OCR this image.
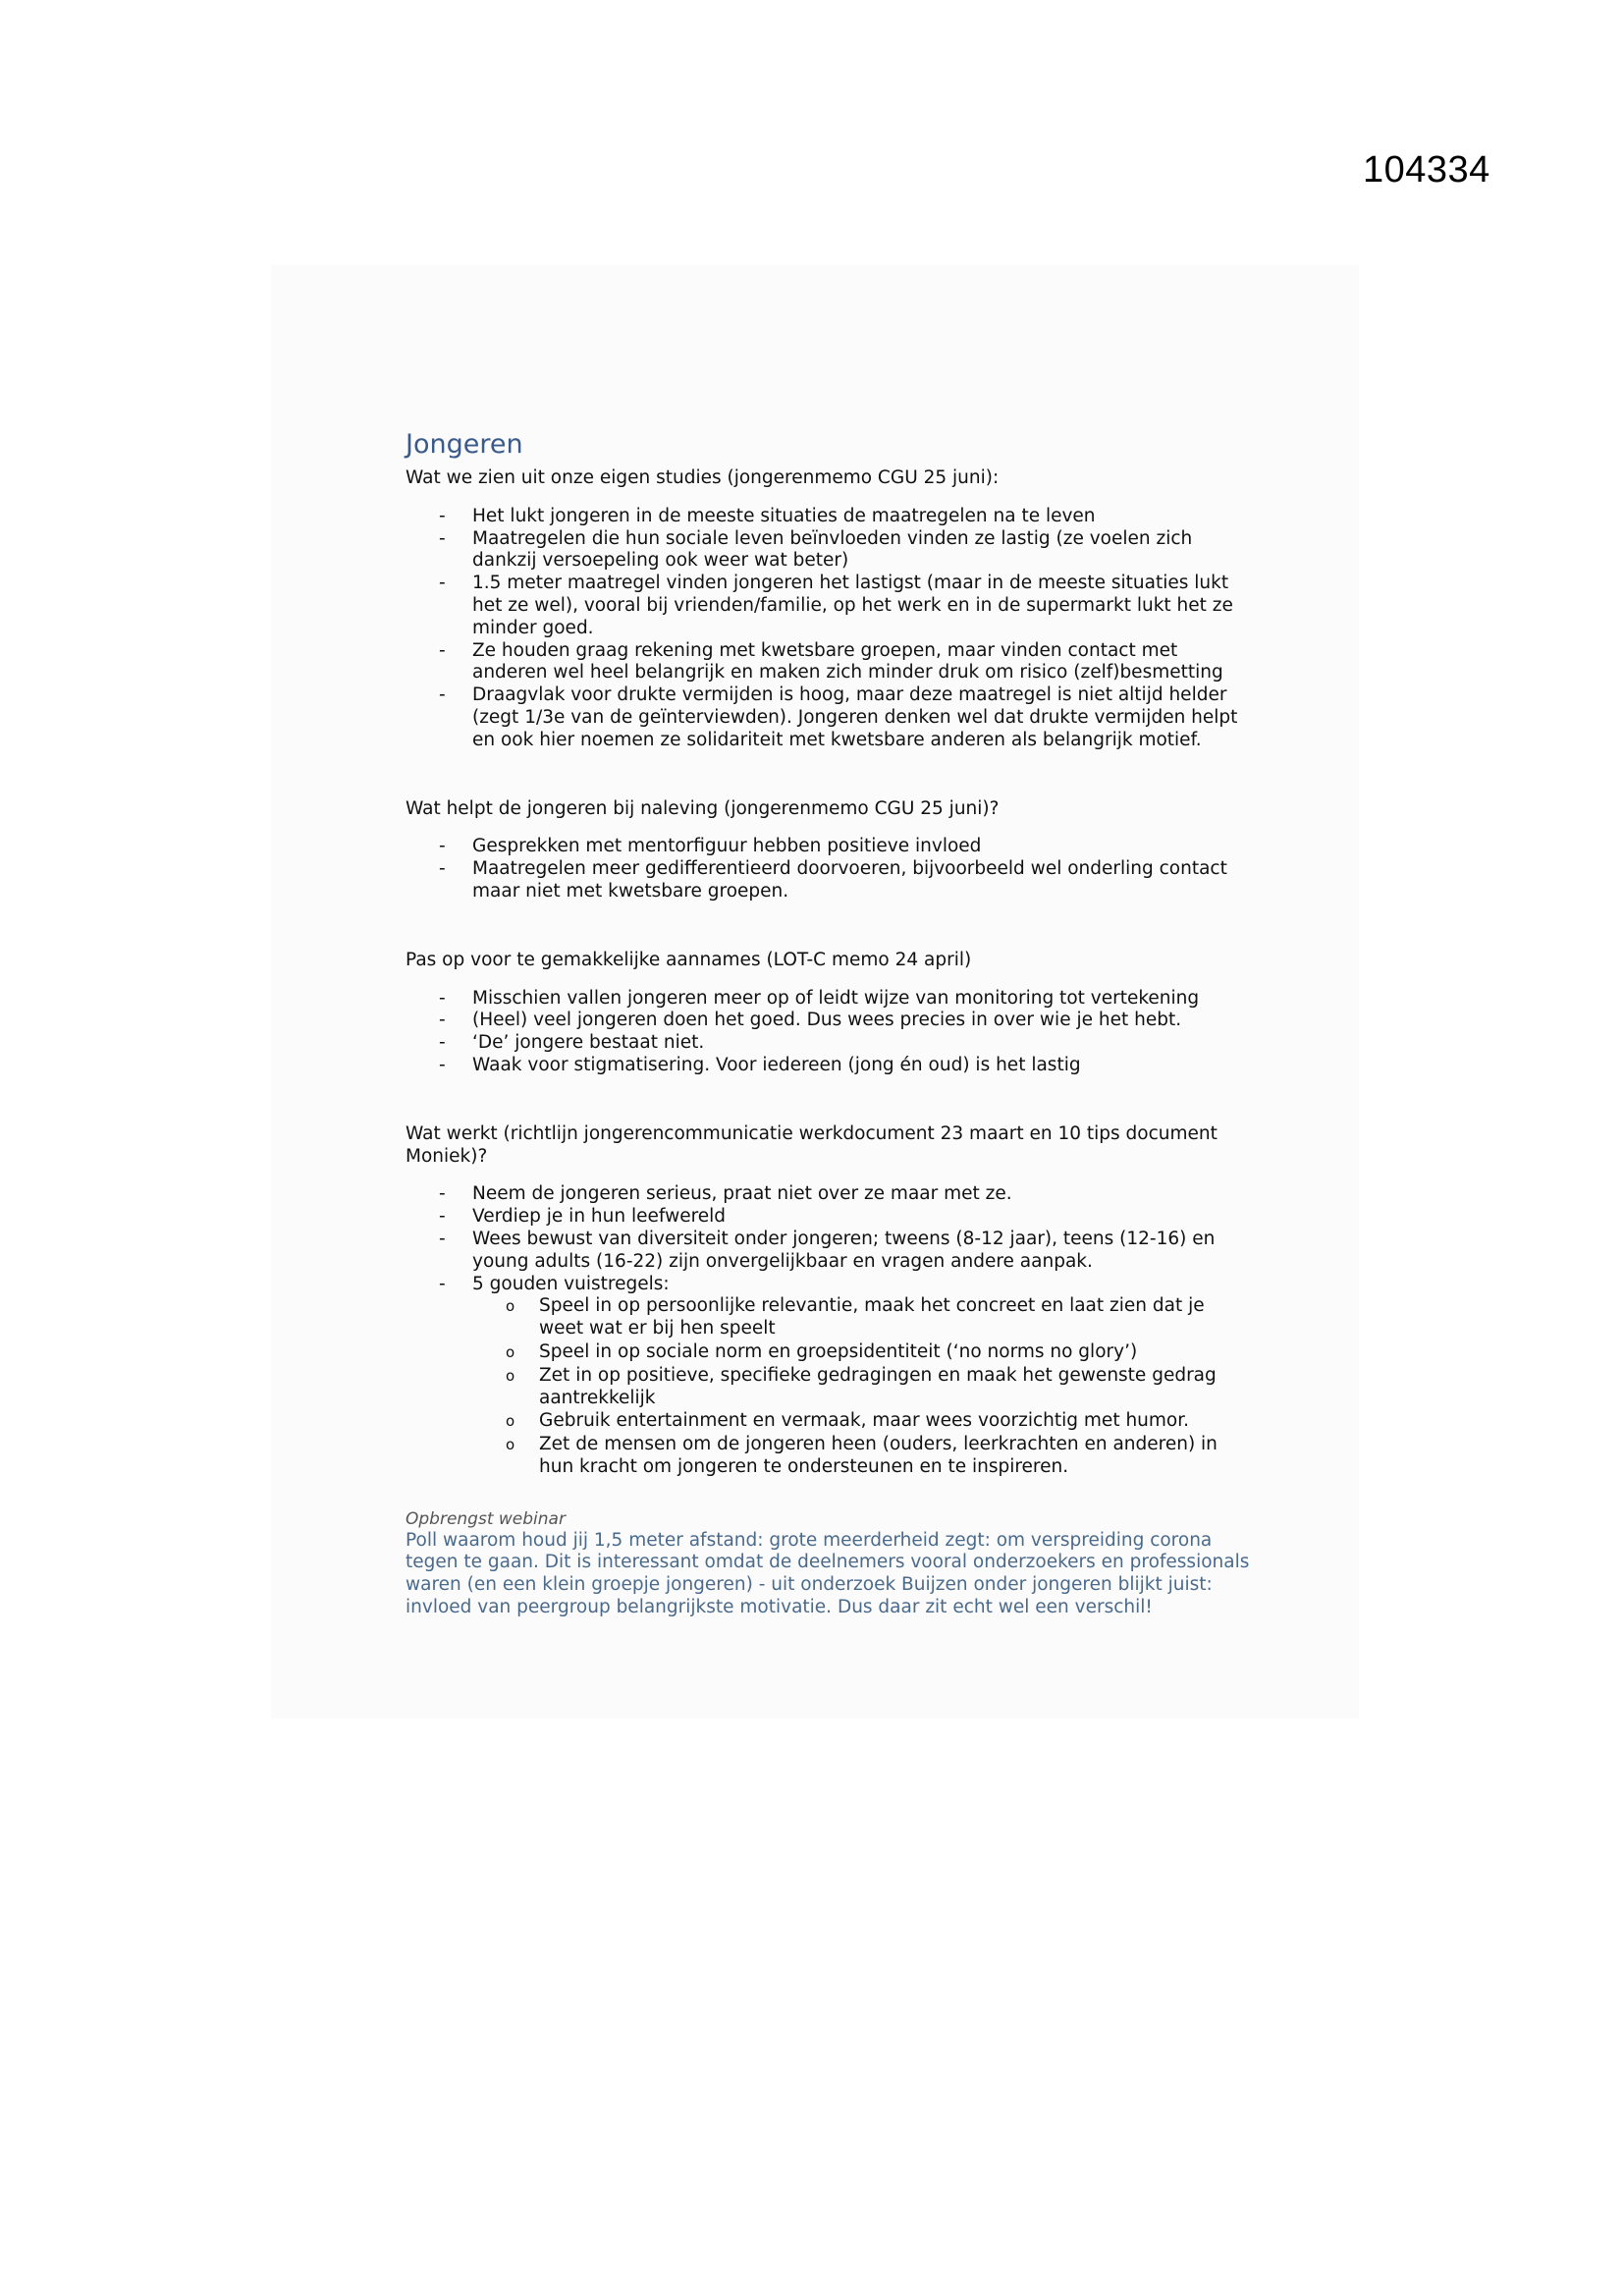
104334
Jongeren

Wat we zien uit onze eigen studies (jongerenmemo CGU 25 juni):

- Het lukt jongeren in de meeste situaties de maatregelen na te leven
- Maatregelen die hun sociale leven beïnvloeden vinden ze lastig (ze voelen zich dankzij versoepeling ook weer wat beter)
- 1.5 meter maatregel vinden jongeren het lastigst (maar in de meeste situaties lukt het ze wel), vooral bij vrienden/familie, op het werk en in de supermarkt lukt het ze minder goed.
- Ze houden graag rekening met kwetsbare groepen, maar vinden contact met anderen wel heel belangrijk en maken zich minder druk om risico (zelf)besmetting
- Draagvlak voor drukte vermijden is hoog, maar deze maatregel is niet altijd helder (zegt 1/3e van de geïnterviewden). Jongeren denken wel dat drukte vermijden helpt en ook hier noemen ze solidariteit met kwetsbare anderen als belangrijk motief.

Wat helpt de jongeren bij naleving (jongerenmemo CGU 25 juni)?

- Gesprekken met mentorfiguur hebben positieve invloed
- Maatregelen meer gedifferentieerd doorvoeren, bijvoorbeeld wel onderling contact maar niet met kwetsbare groepen.

Pas op voor te gemakkelijke aannames (LOT-C memo 24 april)

- Misschien vallen jongeren meer op of leidt wijze van monitoring tot vertekening
- (Heel) veel jongeren doen het goed. Dus wees precies in over wie je het hebt.
- ‘De’ jongere bestaat niet.
- Waak voor stigmatisering. Voor iedereen (jong én oud) is het lastig

Wat werkt (richtlijn jongerencommunicatie werkdocument 23 maart en 10 tips document Moniek)?

- Neem de jongeren serieus, praat niet over ze maar met ze.
- Verdiep je in hun leefwereld
- Wees bewust van diversiteit onder jongeren; tweens (8-12 jaar), teens (12-16) en young adults (16-22) zijn onvergelijkbaar en vragen andere aanpak.
- 5 gouden vuistregels:
o Speel in op persoonlijke relevantie, maak het concreet en laat zien dat je weet wat er bij hen speelt
o Speel in op sociale norm en groepsidentiteit (‘no norms no glory’)
o Zet in op positieve, specifieke gedragingen en maak het gewenste gedrag aantrekkelijk
o Gebruik entertainment en vermaak, maar wees voorzichtig met humor.
o Zet de mensen om de jongeren heen (ouders, leerkrachten en anderen) in hun kracht om jongeren te ondersteunen en te inspireren.
Opbrengst webinar

Poll waarom houd jij 1,5 meter afstand: grote meerderheid zegt: om verspreiding corona tegen te gaan. Dit is interessant omdat de deelnemers vooral onderzoekers en professionals waren (en een klein groepje jongeren) - uit onderzoek Buijzen onder jongeren blijkt juist: invloed van peergroup belangrijkste motivatie. Dus daar zit echt wel een verschil!
